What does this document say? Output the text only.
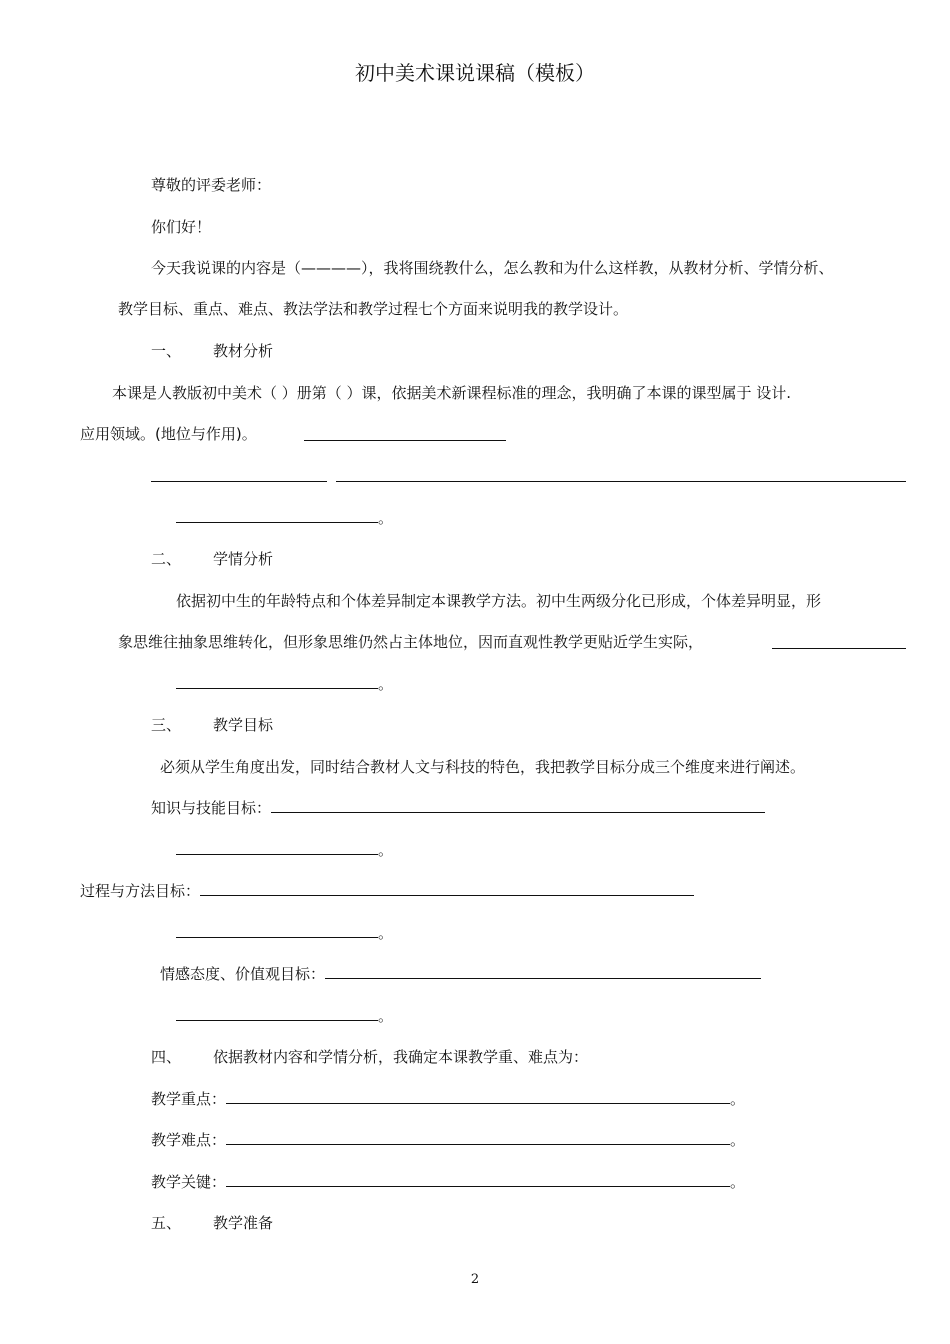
初中美术课说课稿（模板）
尊敬的评委老师：
你们好！
今天我说课的内容是（————），我将围绕教什么，怎么教和为什么这样教，从教材分析、学情分析、
教学目标、重点、难点、教法学法和教学过程七个方面来说明我的教学设计。
一、 教材分析
本课是人教版初中美术（ ）册第（ ）课，依据美术新课程标准的理念，我明确了本课的课型属于 设计.
应用领域。(地位与作用)。
。
二、 学情分析
依据初中生的年龄特点和个体差异制定本课教学方法。初中生两级分化已形成，个体差异明显，形
象思维往抽象思维转化，但形象思维仍然占主体地位，因而直观性教学更贴近学生实际，
。
三、 教学目标
必须从学生角度出发，同时结合教材人文与科技的特色，我把教学目标分成三个维度来进行阐述。
知识与技能目标：
。
过程与方法目标：
。
情感态度、价值观目标：
。
四、 依据教材内容和学情分析，我确定本课教学重、难点为：
教学重点：	。
教学难点：	。
教学关键：	。
五、 教学准备
2
